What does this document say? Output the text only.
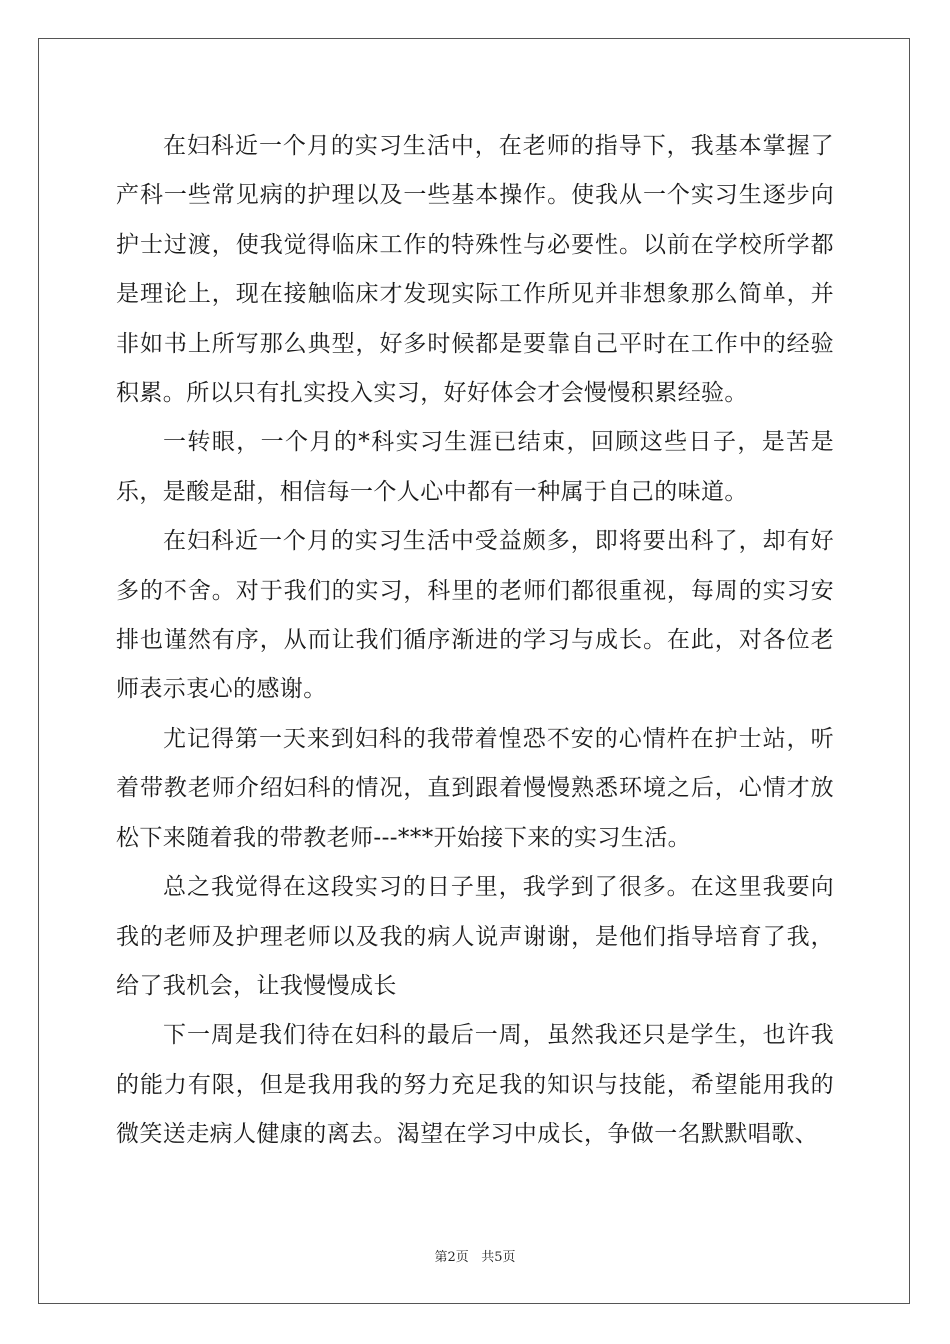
在妇科近一个月的实习生活中，在老师的指导下，我基本掌握了产科一些常见病的护理以及一些基本操作。使我从一个实习生逐步向护士过渡，使我觉得临床工作的特殊性与必要性。以前在学校所学都是理论上，现在接触临床才发现实际工作所见并非想象那么简单，并非如书上所写那么典型，好多时候都是要靠自己平时在工作中的经验积累。所以只有扎实投入实习，好好体会才会慢慢积累经验。

一转眼，一个月的*科实习生涯已结束，回顾这些日子，是苦是乐，是酸是甜，相信每一个人心中都有一种属于自己的味道。

在妇科近一个月的实习生活中受益颇多，即将要出科了，却有好多的不舍。对于我们的实习，科里的老师们都很重视，每周的实习安排也谨然有序，从而让我们循序渐进的学习与成长。在此，对各位老师表示衷心的感谢。

尤记得第一天来到妇科的我带着惶恐不安的心情杵在护士站，听着带教老师介绍妇科的情况，直到跟着慢慢熟悉环境之后，心情才放松下来随着我的带教老师---***开始接下来的实习生活。

总之我觉得在这段实习的日子里，我学到了很多。在这里我要向我的老师及护理老师以及我的病人说声谢谢，是他们指导培育了我，给了我机会，让我慢慢成长

下一周是我们待在妇科的最后一周，虽然我还只是学生，也许我的能力有限，但是我用我的努力充足我的知识与技能，希望能用我的微笑送走病人健康的离去。渴望在学习中成长，争做一名默默唱歌、

第2页 共5页
